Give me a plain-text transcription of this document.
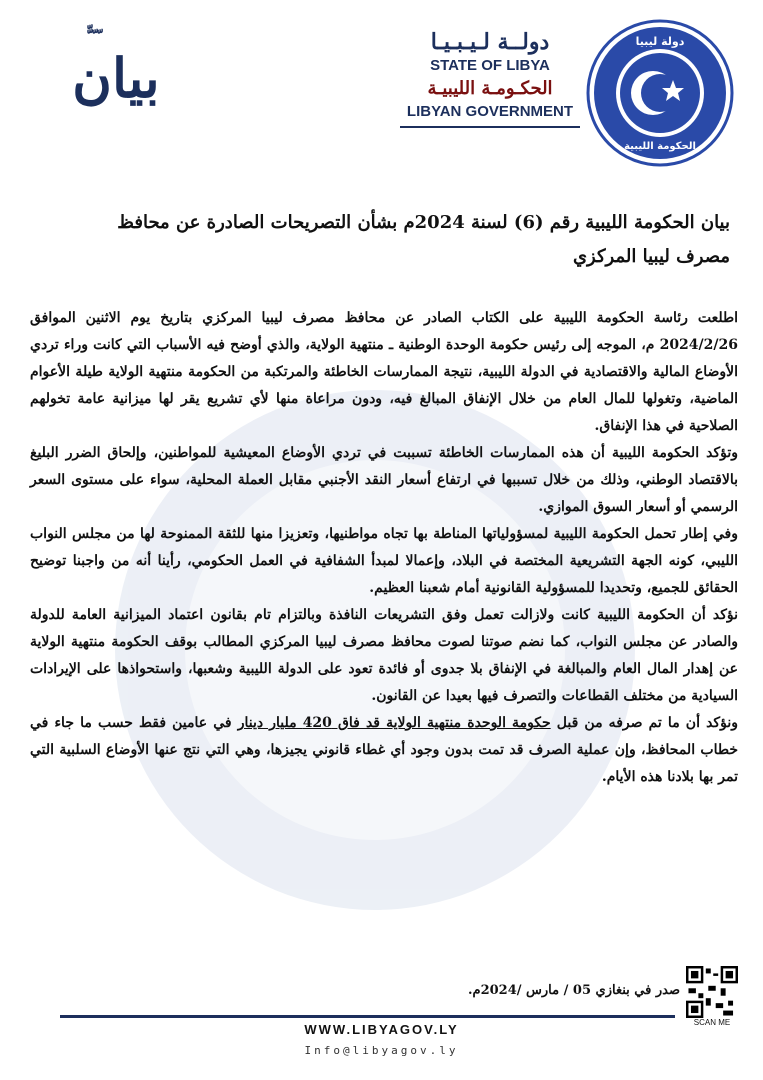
ّ ّ ّ ّ
بيان
دولــة لـيـبـيـا
STATE OF LIBYA
الحكـومـة الليبيـة
LIBYAN GOVERNMENT
دولة ليبيا
الحكومة الليبية
بيان الحكومة الليبية رقم (6) لسنة 2024م بشأن التصريحات الصادرة عن محافظ
مصرف ليبيا المركزي

اطلعت رئاسة الحكومة الليبية على الكتاب الصادر عن محافظ مصرف ليبيا المركزي بتاريخ يوم الاثنين الموافق 2024/2/26 م، الموجه إلى رئيس حكومة الوحدة الوطنية ـ منتهية الولاية، والذي أوضح فيه الأسباب التي كانت وراء تردي الأوضاع المالية والاقتصادية في الدولة الليبية، نتيجة الممارسات الخاطئة والمرتكبة من الحكومة منتهية الولاية طيلة الأعوام الماضية، وتغولها للمال العام من خلال الإنفاق المبالغ فيه، ودون مراعاة منها لأي تشريع يقر لها ميزانية عامة تخولهم الصلاحية في هذا الإنفاق.

وتؤكد الحكومة الليبية أن هذه الممارسات الخاطئة تسببت في تردي الأوضاع المعيشية للمواطنين، وإلحاق الضرر البليغ بالاقتصاد الوطني، وذلك من خلال تسببها في ارتفاع أسعار النقد الأجنبي مقابل العملة المحلية، سواء على مستوى السعر الرسمي أو أسعار السوق الموازي.

وفي إطار تحمل الحكومة الليبية لمسؤولياتها المناطة بها تجاه مواطنيها، وتعزيزا منها للثقة الممنوحة لها من مجلس النواب الليبي، كونه الجهة التشريعية المختصة في البلاد، وإعمالا لمبدأ الشفافية في العمل الحكومي، رأينا أنه من واجبنا توضيح الحقائق للجميع، وتحديدا للمسؤولية القانونية أمام شعبنا العظيم.

نؤكد أن الحكومة الليبية كانت ولازالت تعمل وفق التشريعات النافذة وبالتزام تام بقانون اعتماد الميزانية العامة للدولة والصادر عن مجلس النواب، كما نضم صوتنا لصوت محافظ مصرف ليبيا المركزي المطالب بوقف الحكومة منتهية الولاية عن إهدار المال العام والمبالغة في الإنفاق بلا جدوى أو فائدة تعود على الدولة الليبية وشعبها، واستحواذها على الإيرادات السيادية من مختلف القطاعات والتصرف فيها بعيدا عن القانون.

ونؤكد أن ما تم صرفه من قبل حكومة الوحدة منتهية الولاية قد فاق 420 مليار دينار في عامين فقط حسب ما جاء في خطاب المحافظ، وإن عملية الصرف قد تمت بدون وجود أي غطاء قانوني يجيزها، وهي التي نتج عنها الأوضاع السلبية التي تمر بها بلادنا هذه الأيام.

صدر في بنغازي 05 / مارس /2024م.
SCAN ME
WWW.LIBYAGOV.LY
Info@libyagov.ly
